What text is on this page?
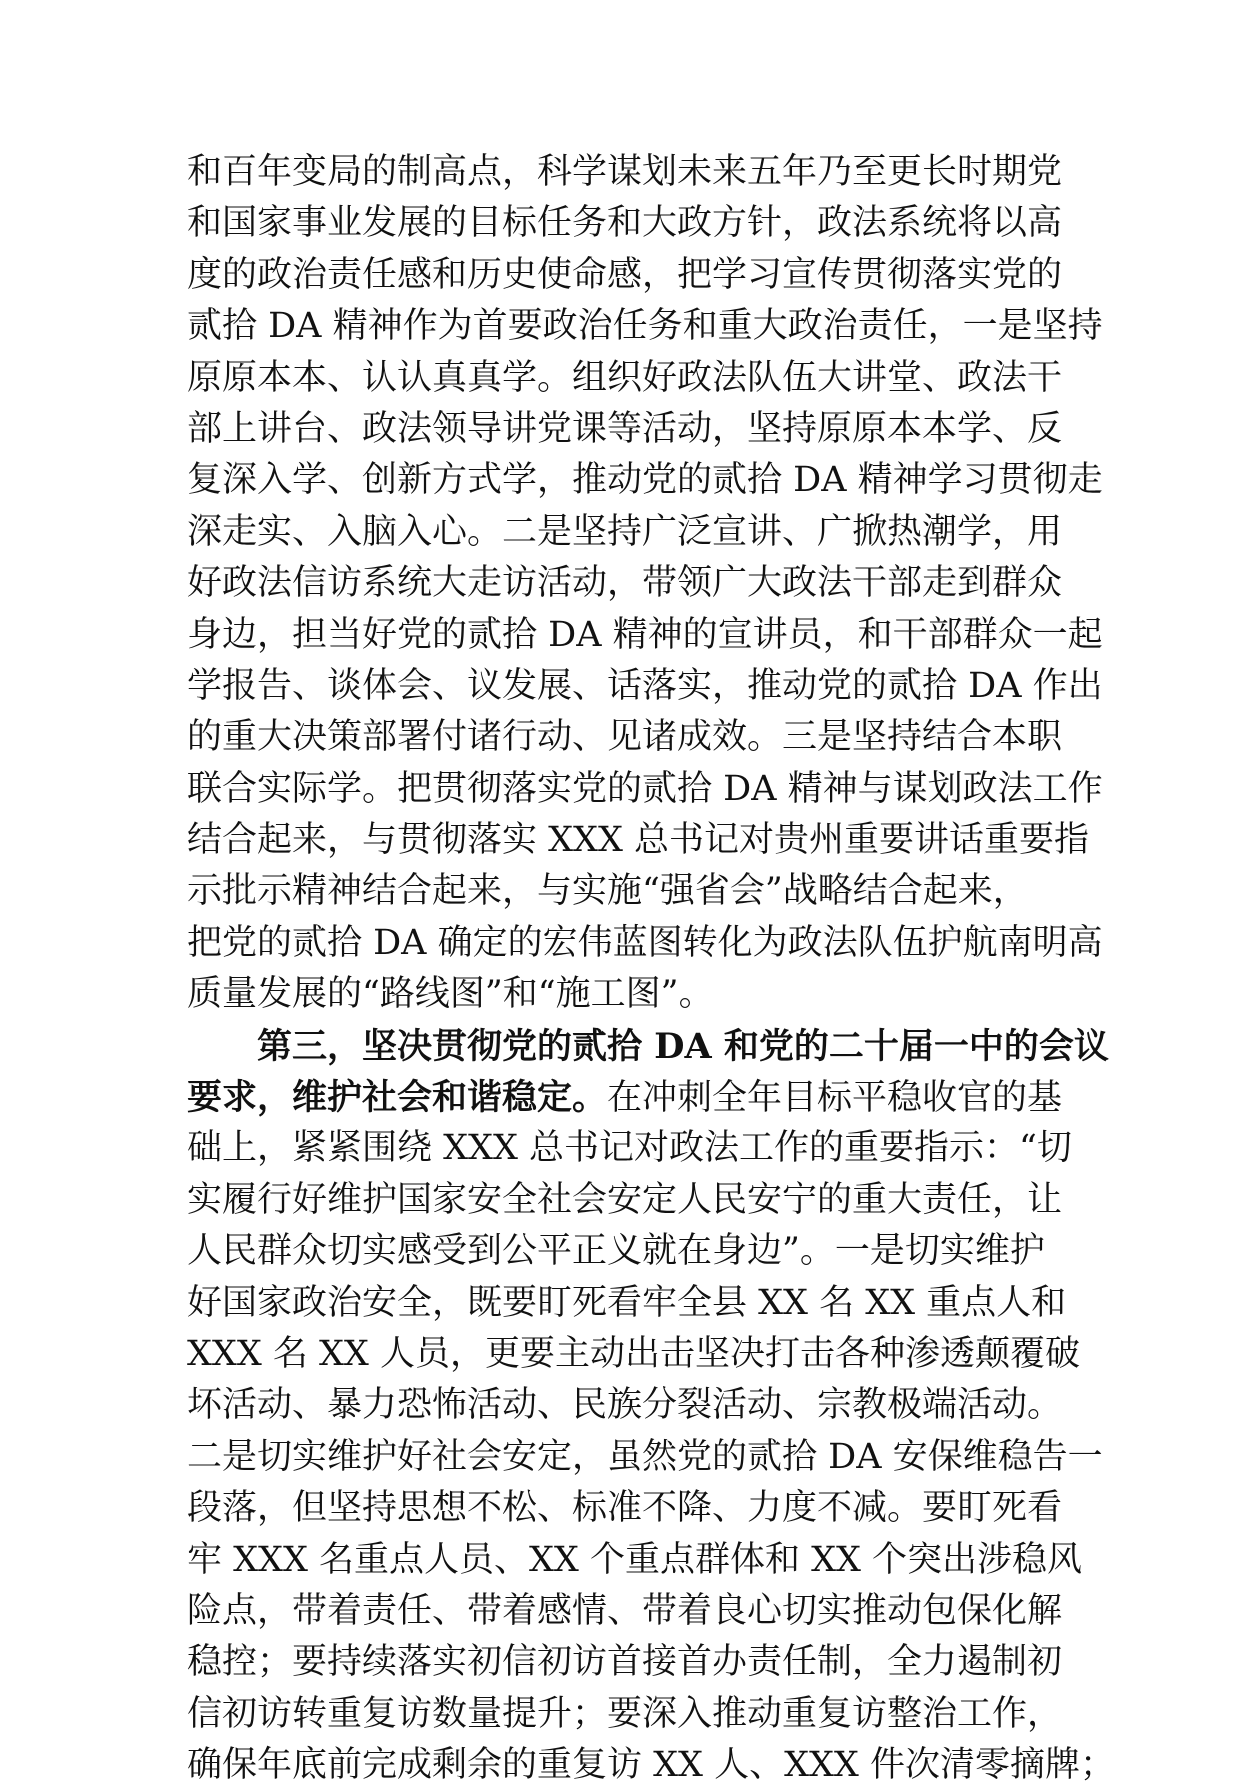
和百年变局的制高点，科学谋划未来五年乃至更长时期党
和国家事业发展的目标任务和大政方针，政法系统将以高
度的政治责任感和历史使命感，把学习宣传贯彻落实党的
贰拾 DA 精神作为首要政治任务和重大政治责任，一是坚持
原原本本、认认真真学。组织好政法队伍大讲堂、政法干
部上讲台、政法领导讲党课等活动，坚持原原本本学、反
复深入学、创新方式学，推动党的贰拾 DA 精神学习贯彻走
深走实、入脑入心。二是坚持广泛宣讲、广掀热潮学，用
好政法信访系统大走访活动，带领广大政法干部走到群众
身边，担当好党的贰拾 DA 精神的宣讲员，和干部群众一起
学报告、谈体会、议发展、话落实，推动党的贰拾 DA 作出
的重大决策部署付诸行动、见诸成效。三是坚持结合本职
联合实际学。把贯彻落实党的贰拾 DA 精神与谋划政法工作
结合起来，与贯彻落实 XXX 总书记对贵州重要讲话重要指
示批示精神结合起来，与实施“强省会”战略结合起来，
把党的贰拾 DA 确定的宏伟蓝图转化为政法队伍护航南明高
质量发展的“路线图”和“施工图”。
第三，坚决贯彻党的贰拾 DA 和党的二十届一中的会议
要求，维护社会和谐稳定。在冲刺全年目标平稳收官的基
础上，紧紧围绕 XXX 总书记对政法工作的重要指示：“切
实履行好维护国家安全社会安定人民安宁的重大责任，让
人民群众切实感受到公平正义就在身边”。一是切实维护
好国家政治安全，既要盯死看牢全县 XX 名 XX 重点人和
XXX 名 XX 人员，更要主动出击坚决打击各种渗透颠覆破
坏活动、暴力恐怖活动、民族分裂活动、宗教极端活动。
二是切实维护好社会安定，虽然党的贰拾 DA 安保维稳告一
段落，但坚持思想不松、标准不降、力度不减。要盯死看
牢 XXX 名重点人员、XX 个重点群体和 XX 个突出涉稳风
险点，带着责任、带着感情、带着良心切实推动包保化解
稳控；要持续落实初信初访首接首办责任制，全力遏制初
信初访转重复访数量提升；要深入推动重复访整治工作，
确保年底前完成剩余的重复访 XX 人、XXX 件次清零摘牌；
